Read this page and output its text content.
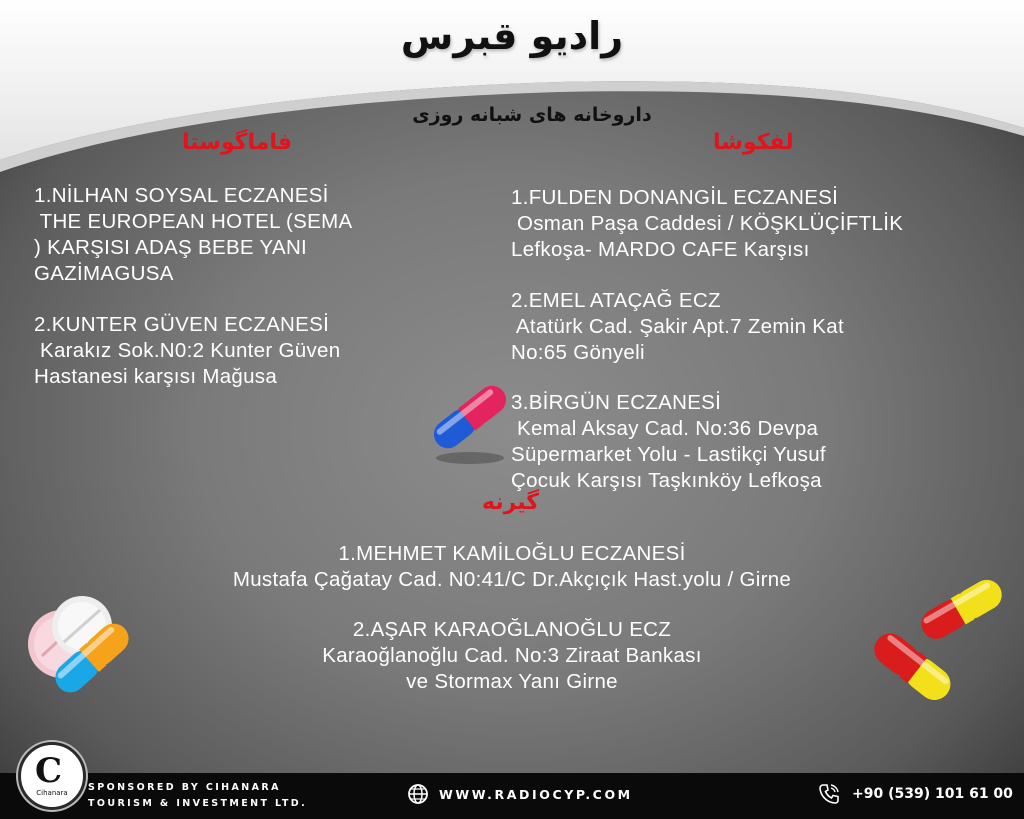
رادیو قبرس
داروخانه های شبانه روزی
فاماگوستا	لفکوشا
گیرنه
1.NİLHAN SOYSAL ECZANESİ
THE EUROPEAN HOTEL (SEMA
) KARŞISI ADAŞ BEBE YANI
GAZİMAGUSA
2.KUNTER GÜVEN ECZANESİ
Karakız Sok.N0:2 Kunter Güven
Hastanesi karşısı Mağusa
1.FULDEN DONANGİL ECZANESİ
Osman Paşa Caddesi / KÖŞKLÜÇİFTLİK
Lefkoşa- MARDO CAFE Karşısı
2.EMEL ATAÇAĞ ECZ
Atatürk Cad. Şakir Apt.7 Zemin Kat
No:65 Gönyeli
3.BİRGÜN ECZANESİ
Kemal Aksay Cad. No:36 Devpa
Süpermarket Yolu - Lastikçi Yusuf
Çocuk Karşısı Taşkınköy Lefkoşa
1.MEHMET KAMİLOĞLU ECZANESİ
Mustafa Çağatay Cad. N0:41/C Dr.Akçıçık Hast.yolu / Girne
2.AŞAR KARAOĞLANOĞLU ECZ
Karaoğlanoğlu Cad. No:3 Ziraat Bankası
ve Stormax Yanı Girne
C
Cihanara	SPONSORED BY CIHANARA
TOURISM & INVESTMENT LTD.
WWW.RADIOCYP.COM	+90 (539) 101 61 00
